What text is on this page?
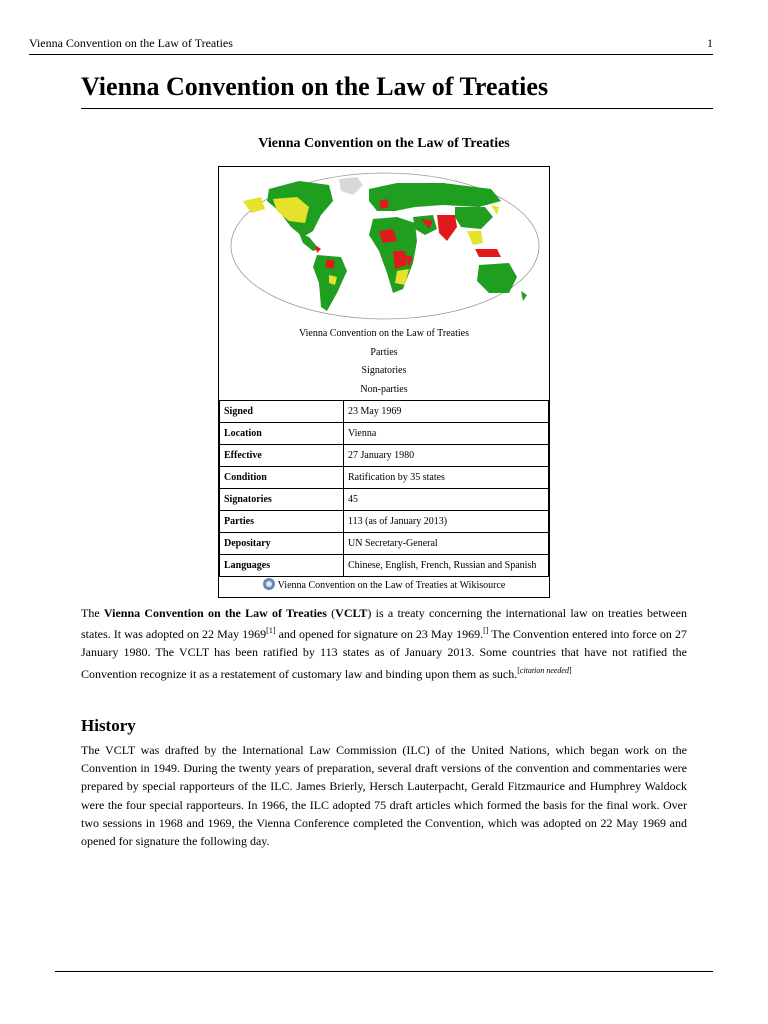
Vienna Convention on the Law of Treaties	1
Vienna Convention on the Law of Treaties
Vienna Convention on the Law of Treaties
Vienna Convention on the Law of Treaties
Parties
Signatories
Non-parties
Signed	23 May 1969
Location	Vienna
Effective	27 January 1980
Condition	Ratification by 35 states
Signatories	45
Parties	113 (as of January 2013)
Depositary	UN Secretary-General
Languages	Chinese, English, French, Russian and Spanish
Vienna Convention on the Law of Treaties at Wikisource

The Vienna Convention on the Law of Treaties (VCLT) is a treaty concerning the international law on treaties between states. It was adopted on 22 May 1969[1] and opened for signature on 23 May 1969.[] The Convention entered into force on 27 January 1980. The VCLT has been ratified by 113 states as of January 2013. Some countries that have not ratified the Convention recognize it as a restatement of customary law and binding upon them as such.[citation needed]

History

The VCLT was drafted by the International Law Commission (ILC) of the United Nations, which began work on the Convention in 1949. During the twenty years of preparation, several draft versions of the convention and commentaries were prepared by special rapporteurs of the ILC. James Brierly, Hersch Lauterpacht, Gerald Fitzmaurice and Humphrey Waldock were the four special rapporteurs. In 1966, the ILC adopted 75 draft articles which formed the basis for the final work. Over two sessions in 1968 and 1969, the Vienna Conference completed the Convention, which was adopted on 22 May 1969 and opened for signature the following day.
